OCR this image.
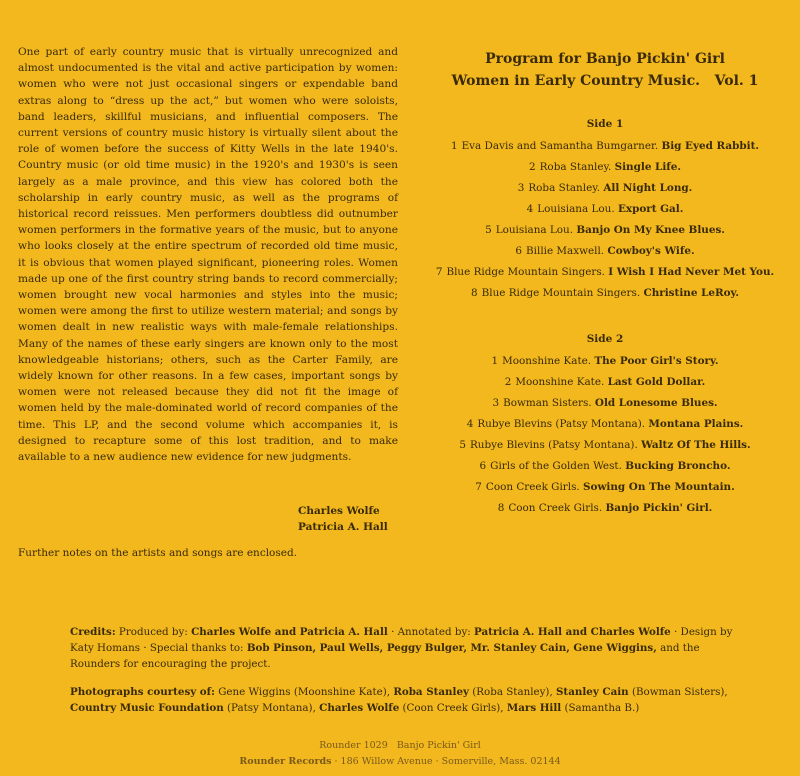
One part of early country music that is virtually unrecognized and almost undocumented is the vital and active participation by women: women who were not just occasional singers or expendable band extras along to “dress up the act,” but women who were soloists, band leaders, skillful musicians, and influential composers. The current versions of country music history is virtually silent about the role of women before the success of Kitty Wells in the late 1940's. Country music (or old time music) in the 1920's and 1930's is seen largely as a male province, and this view has colored both the scholarship in early country music, as well as the programs of historical record reissues. Men performers doubtless did outnumber women performers in the formative years of the music, but to anyone who looks closely at the entire spectrum of recorded old time music, it is obvious that women played significant, pioneering roles. Women made up one of the first country string bands to record commercially; women brought new vocal harmonies and styles into the music; women were among the first to utilize western material; and songs by women dealt in new realistic ways with male-female relationships. Many of the names of these early singers are known only to the most knowledgeable historians; others, such as the Carter Family, are widely known for other reasons. In a few cases, important songs by women were not released because they did not fit the image of women held by the male-dominated world of record companies of the time. This LP, and the second volume which accompanies it, is designed to recapture some of this lost tradition, and to make available to a new audience new evidence for new judgments.
Charles Wolfe
Patricia A. Hall
Further notes on the artists and songs are enclosed.
Program for Banjo Pickin' Girl
Women in Early Country Music.   Vol. 1
Side 1
1 Eva Davis and Samantha Bumgarner. Big Eyed Rabbit.
2 Roba Stanley. Single Life.
3 Roba Stanley. All Night Long.
4 Louisiana Lou. Export Gal.
5 Louisiana Lou. Banjo On My Knee Blues.
6 Billie Maxwell. Cowboy's Wife.
7 Blue Ridge Mountain Singers. I Wish I Had Never Met You.
8 Blue Ridge Mountain Singers. Christine LeRoy.
Side 2
1 Moonshine Kate. The Poor Girl's Story.
2 Moonshine Kate. Last Gold Dollar.
3 Bowman Sisters. Old Lonesome Blues.
4 Rubye Blevins (Patsy Montana). Montana Plains.
5 Rubye Blevins (Patsy Montana). Waltz Of The Hills.
6 Girls of the Golden West. Bucking Broncho.
7 Coon Creek Girls. Sowing On The Mountain.
8 Coon Creek Girls. Banjo Pickin' Girl.
Credits: Produced by: Charles Wolfe and Patricia A. Hall · Annotated by: Patricia A. Hall and Charles Wolfe · Design by Katy Homans · Special thanks to: Bob Pinson, Paul Wells, Peggy Bulger, Mr. Stanley Cain, Gene Wiggins, and the Rounders for encouraging the project.
Photographs courtesy of: Gene Wiggins (Moonshine Kate), Roba Stanley (Roba Stanley), Stanley Cain (Bowman Sisters), Country Music Foundation (Patsy Montana), Charles Wolfe (Coon Creek Girls), Mars Hill (Samantha B.)
Rounder 1029   Banjo Pickin' Girl
Rounder Records · 186 Willow Avenue · Somerville, Mass. 02144
